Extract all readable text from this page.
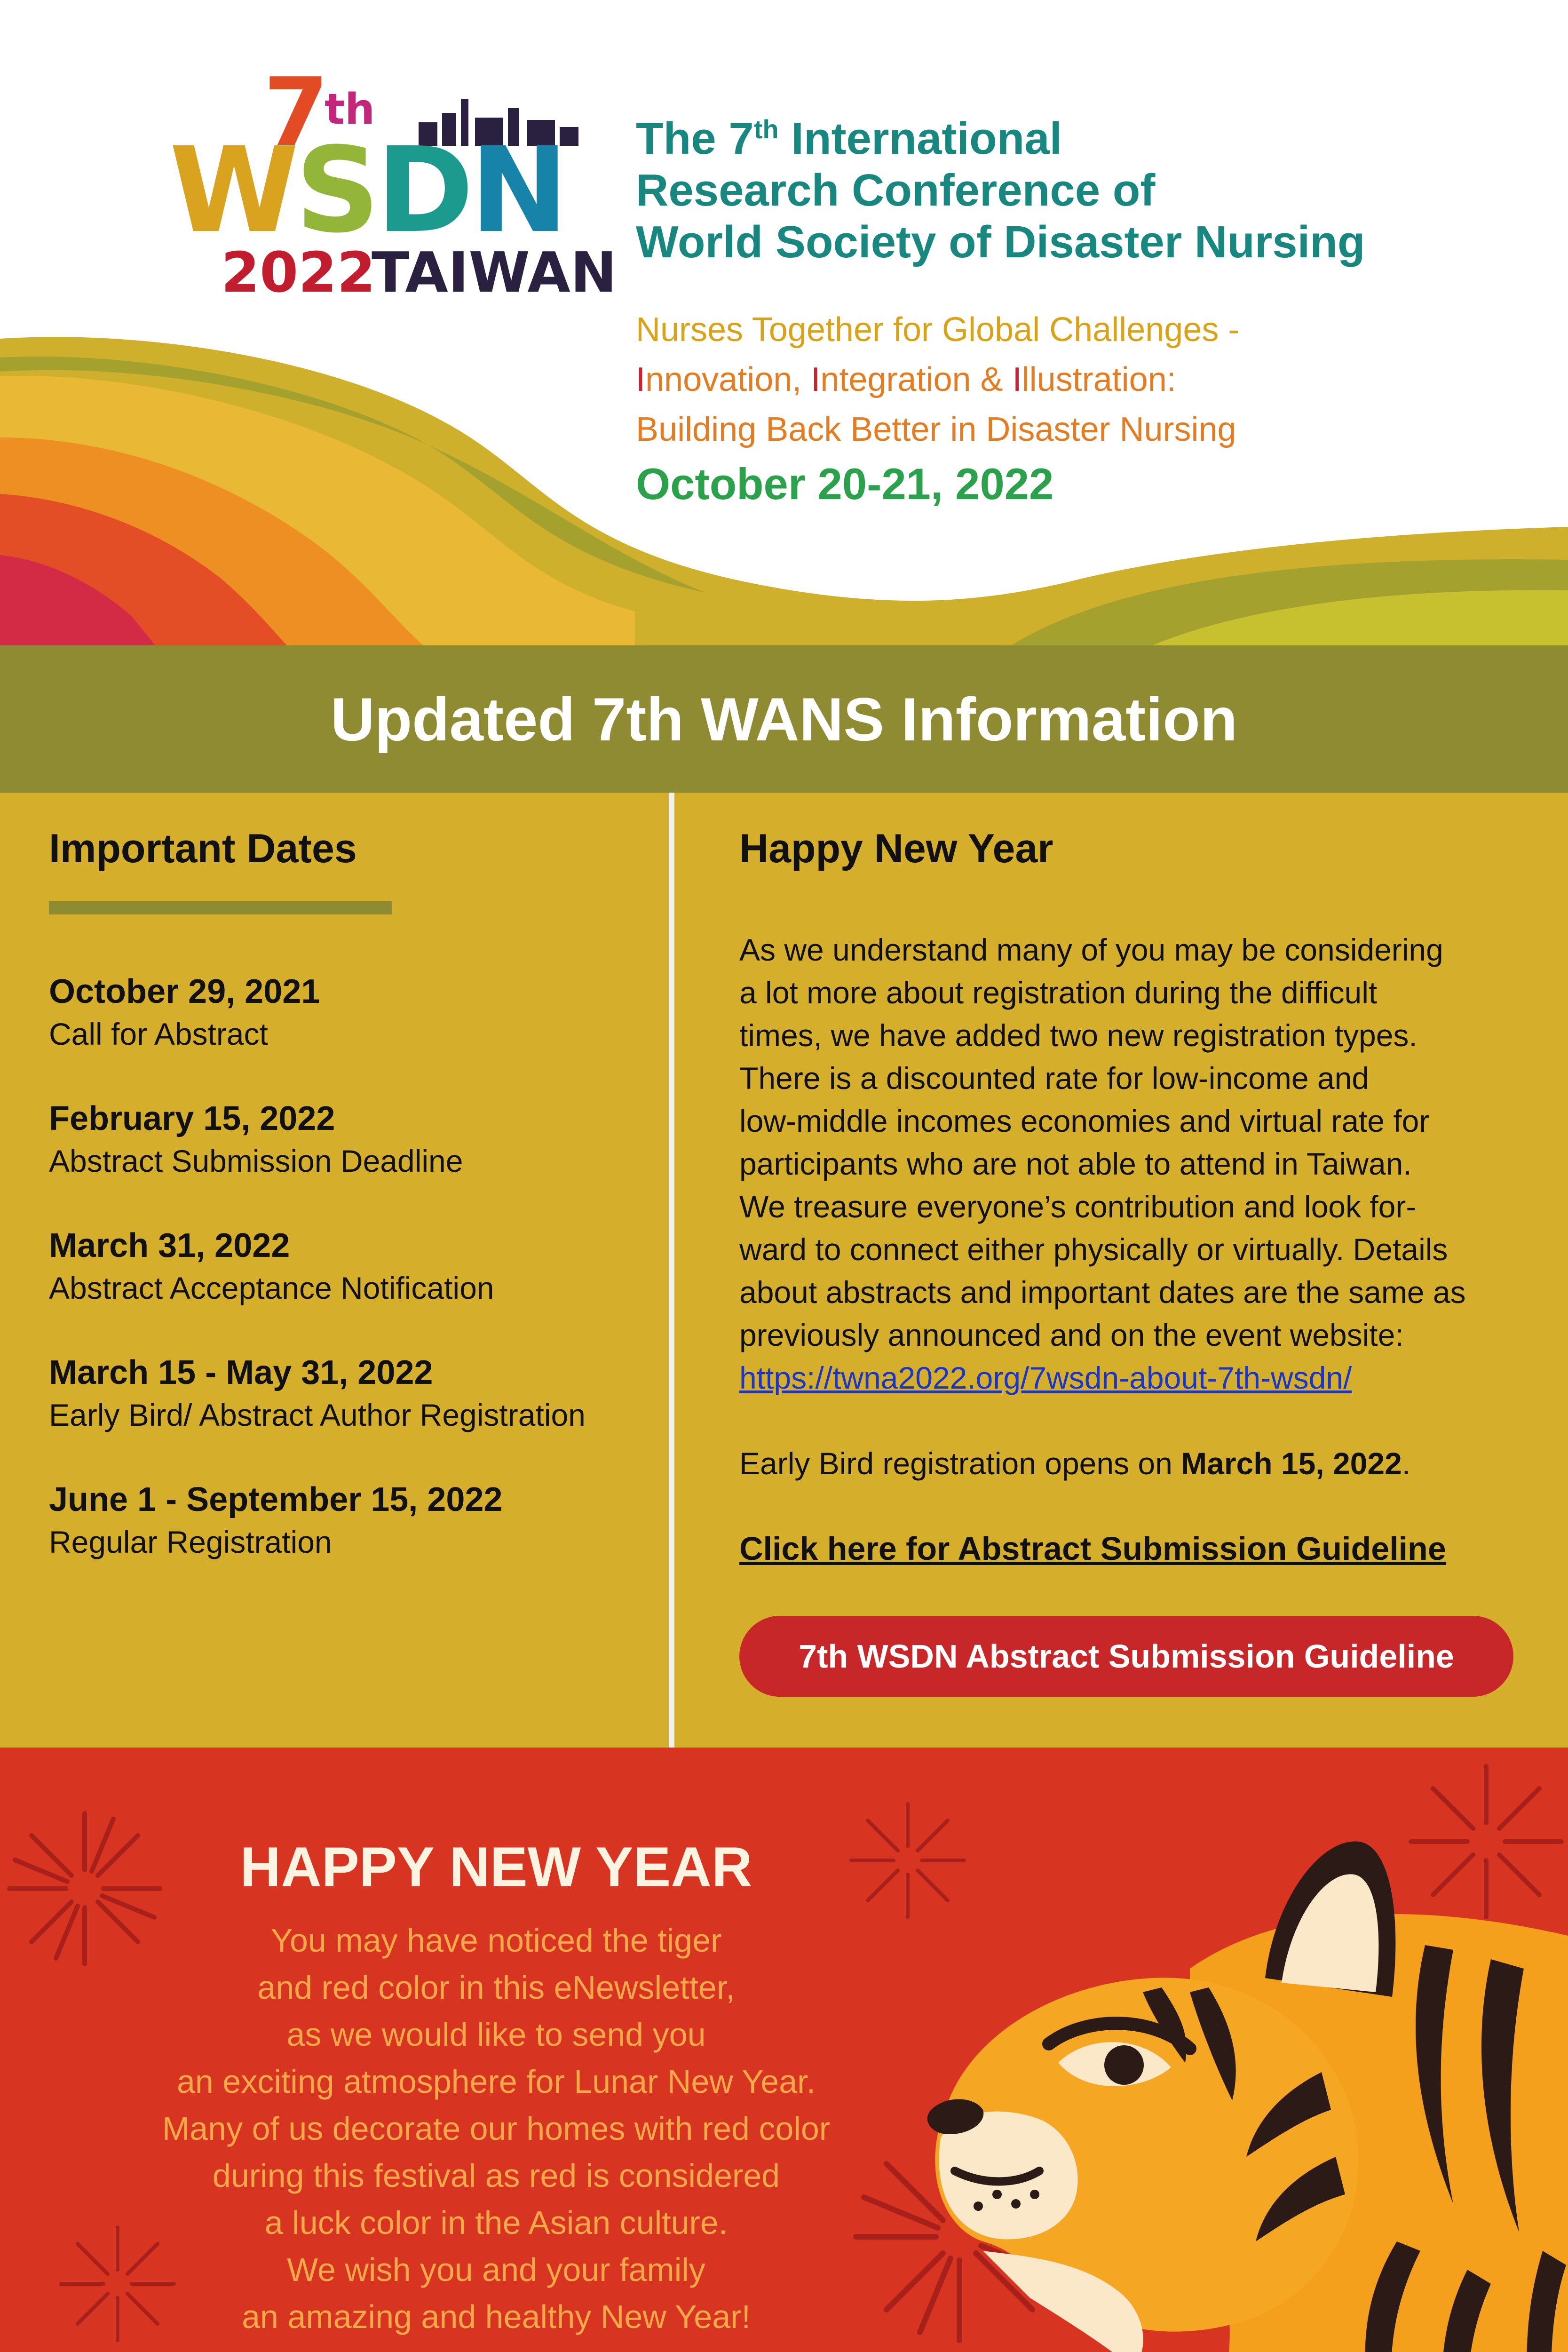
7
th
WSDN
2022
TAIWAN
The 7th International
Research Conference of
World Society of Disaster Nursing
Nurses Together for Global Challenges -
Innovation, Integration & Illustration:
Building Back Better in Disaster Nursing
October 20-21, 2022
Updated 7th WANS Information
Important Dates
October 29, 2021
Call for Abstract
February 15, 2022
Abstract Submission Deadline
March 31, 2022
Abstract Acceptance Notification
March 15 - May 31, 2022
Early Bird/ Abstract Author Registration
June 1 - September 15, 2022
Regular Registration
Happy New Year
As we understand many of you may be considering
a lot more about registration during the difficult
times, we have added two new registration types.
There is a discounted rate for low-income and
low-middle incomes economies and virtual rate for
participants who are not able to attend in Taiwan.
We treasure everyone’s contribution and look for-
ward to connect either physically or virtually. Details
about abstracts and important dates are the same as
previously announced and on the event website:
https://twna2022.org/7wsdn-about-7th-wsdn/
Early Bird registration opens on March 15, 2022.
Click here for Abstract Submission Guideline
7th WSDN Abstract Submission Guideline
HAPPY NEW YEAR
You may have noticed the tiger
and red color in this eNewsletter,
as we would like to send you
an exciting atmosphere for Lunar New Year.
Many of us decorate our homes with red color
during this festival as red is considered
a luck color in the Asian culture.
We wish you and your family
an amazing and healthy New Year!
